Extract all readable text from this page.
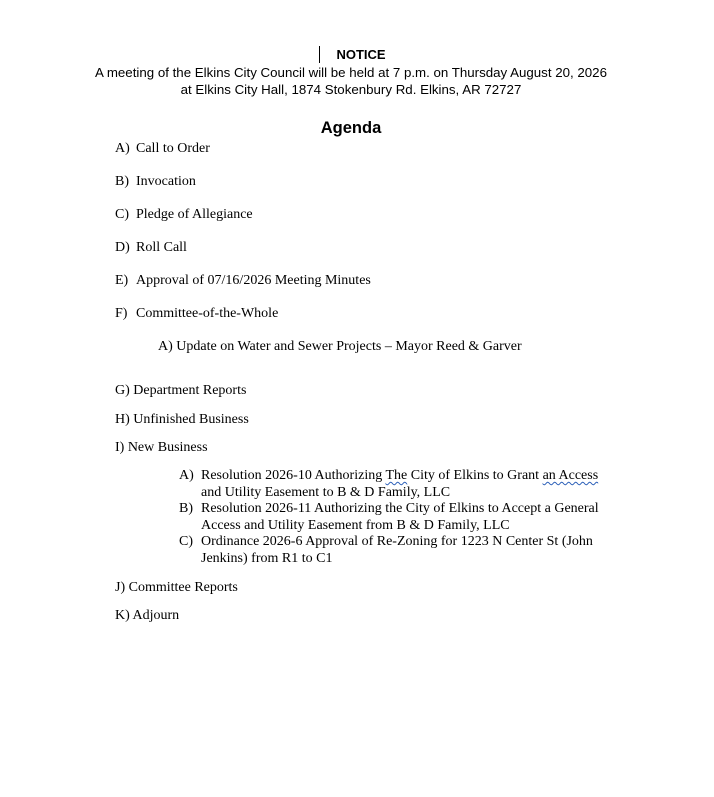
NOTICE
A meeting of the Elkins City Council will be held at 7 p.m. on Thursday August 20, 2026
at Elkins City Hall, 1874 Stokenbury Rd. Elkins, AR 72727
Agenda
A) Call to Order
B) Invocation
C) Pledge of Allegiance
D) Roll Call
E) Approval of 07/16/2026 Meeting Minutes
F) Committee-of-the-Whole
A) Update on Water and Sewer Projects – Mayor Reed & Garver
G) Department Reports
H) Unfinished Business
I) New Business
A) Resolution 2026-10 Authorizing The City of Elkins to Grant an Access
and Utility Easement to B & D Family, LLC
B) Resolution 2026-11 Authorizing the City of Elkins to Accept a General
Access and Utility Easement from B & D Family, LLC
C) Ordinance 2026-6 Approval of Re-Zoning for 1223 N Center St (John
Jenkins) from R1 to C1
J) Committee Reports
K) Adjourn
